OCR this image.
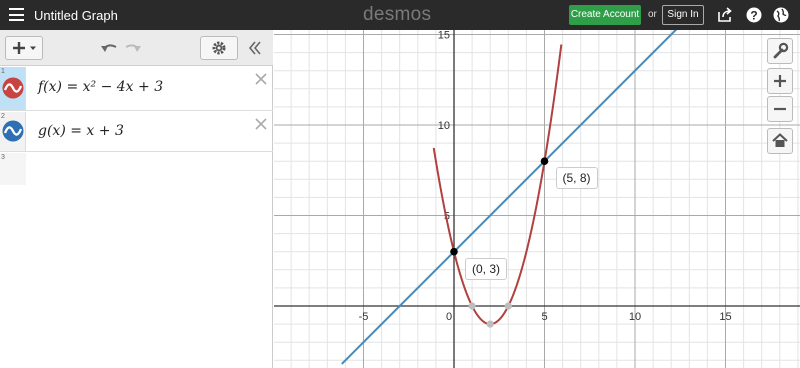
Untitled Graph	desmos	Create Account or	Sign In	?
1
f(x) = x² − 4x + 3
2
g(x) = x + 3
3
-5	0	5	10	15
5
10
15
(0, 3)
(5, 8)
